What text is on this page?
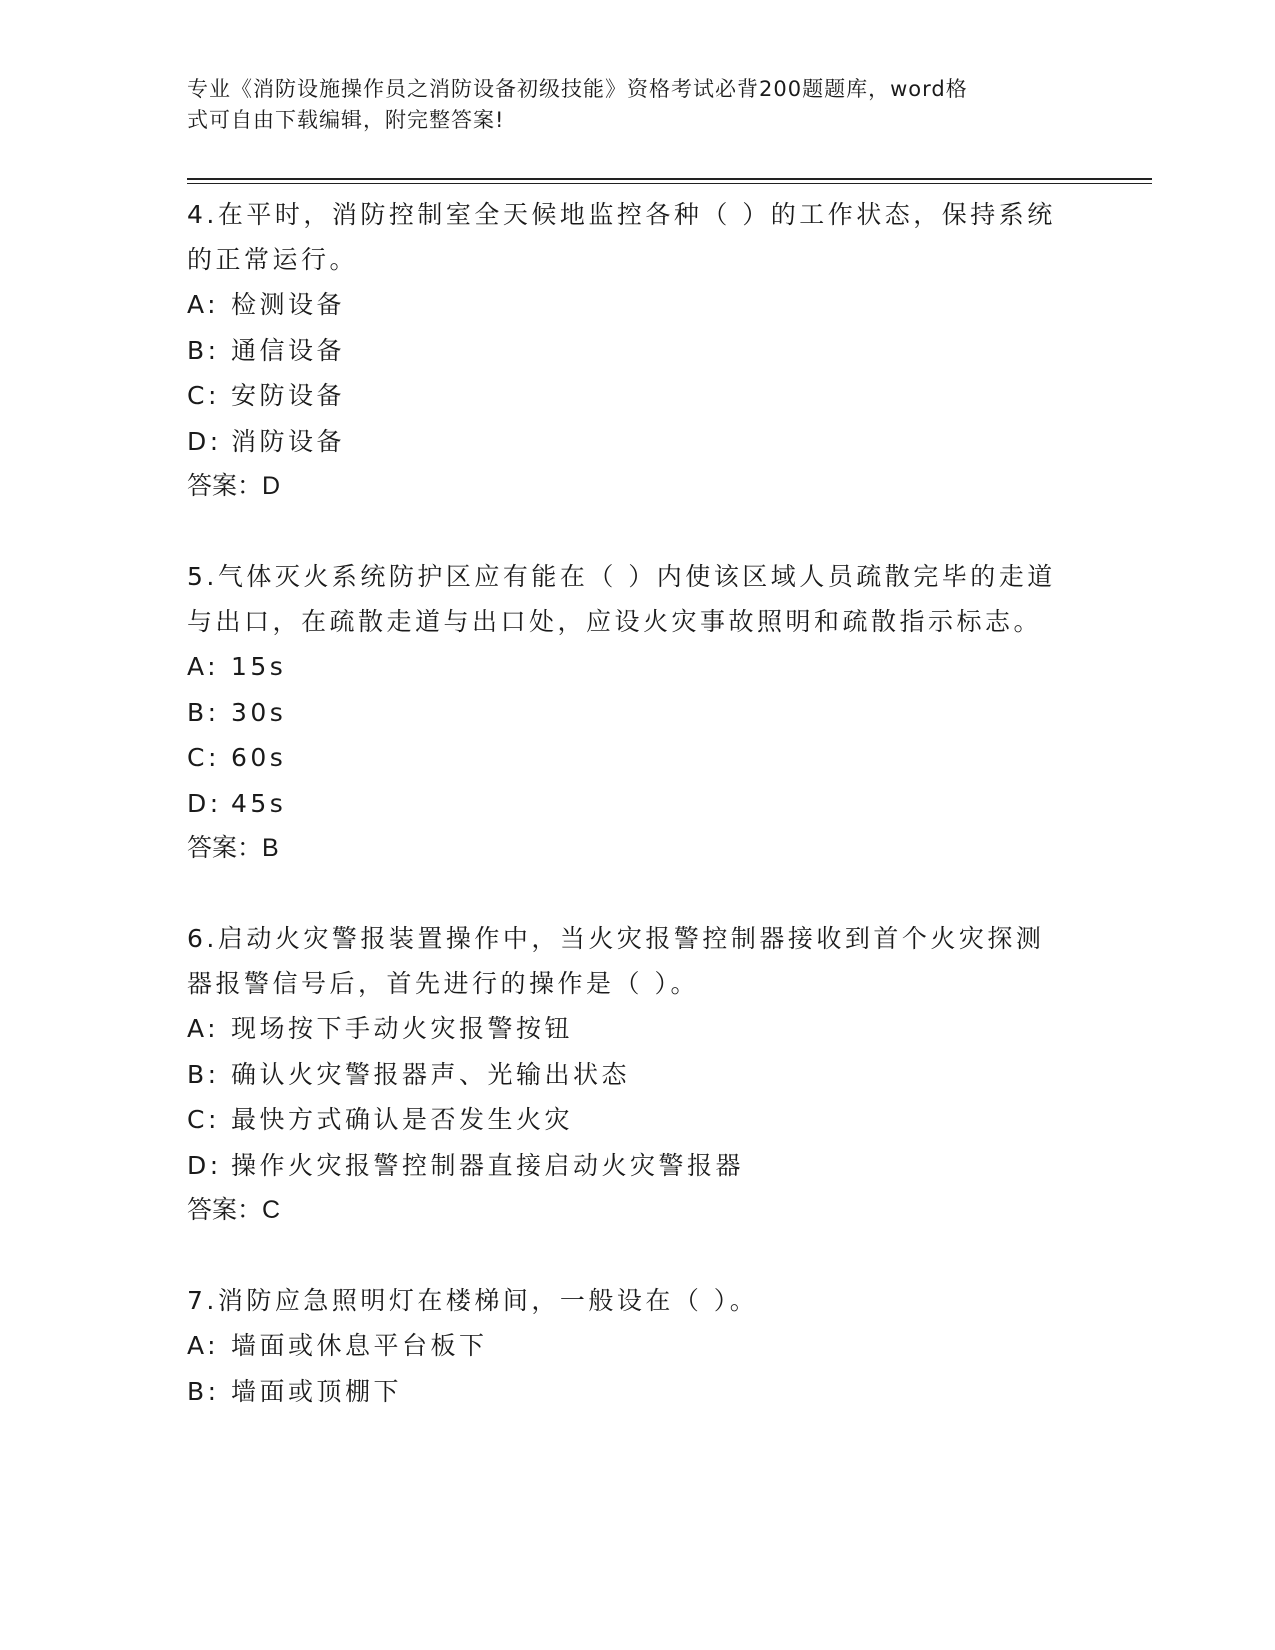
专业《消防设施操作员之消防设备初级技能》资格考试必背200题题库，word格
式可自由下载编辑，附完整答案!

4.在平时，消防控制室全天候地监控各种（ ）的工作状态，保持系统的正常运行。

A: 检测设备

B: 通信设备

C: 安防设备

D: 消防设备

答案：D

5.气体灭火系统防护区应有能在（ ）内使该区域人员疏散完毕的走道与出口，在疏散走道与出口处，应设火灾事故照明和疏散指示标志。

A: 15s

B: 30s

C: 60s

D: 45s

答案：B

6.启动火灾警报装置操作中，当火灾报警控制器接收到首个火灾探测器报警信号后，首先进行的操作是（ ）。

A: 现场按下手动火灾报警按钮

B: 确认火灾警报器声、光输出状态

C: 最快方式确认是否发生火灾

D: 操作火灾报警控制器直接启动火灾警报器

答案：C

7.消防应急照明灯在楼梯间，一般设在（ ）。

A: 墙面或休息平台板下

B: 墙面或顶棚下
